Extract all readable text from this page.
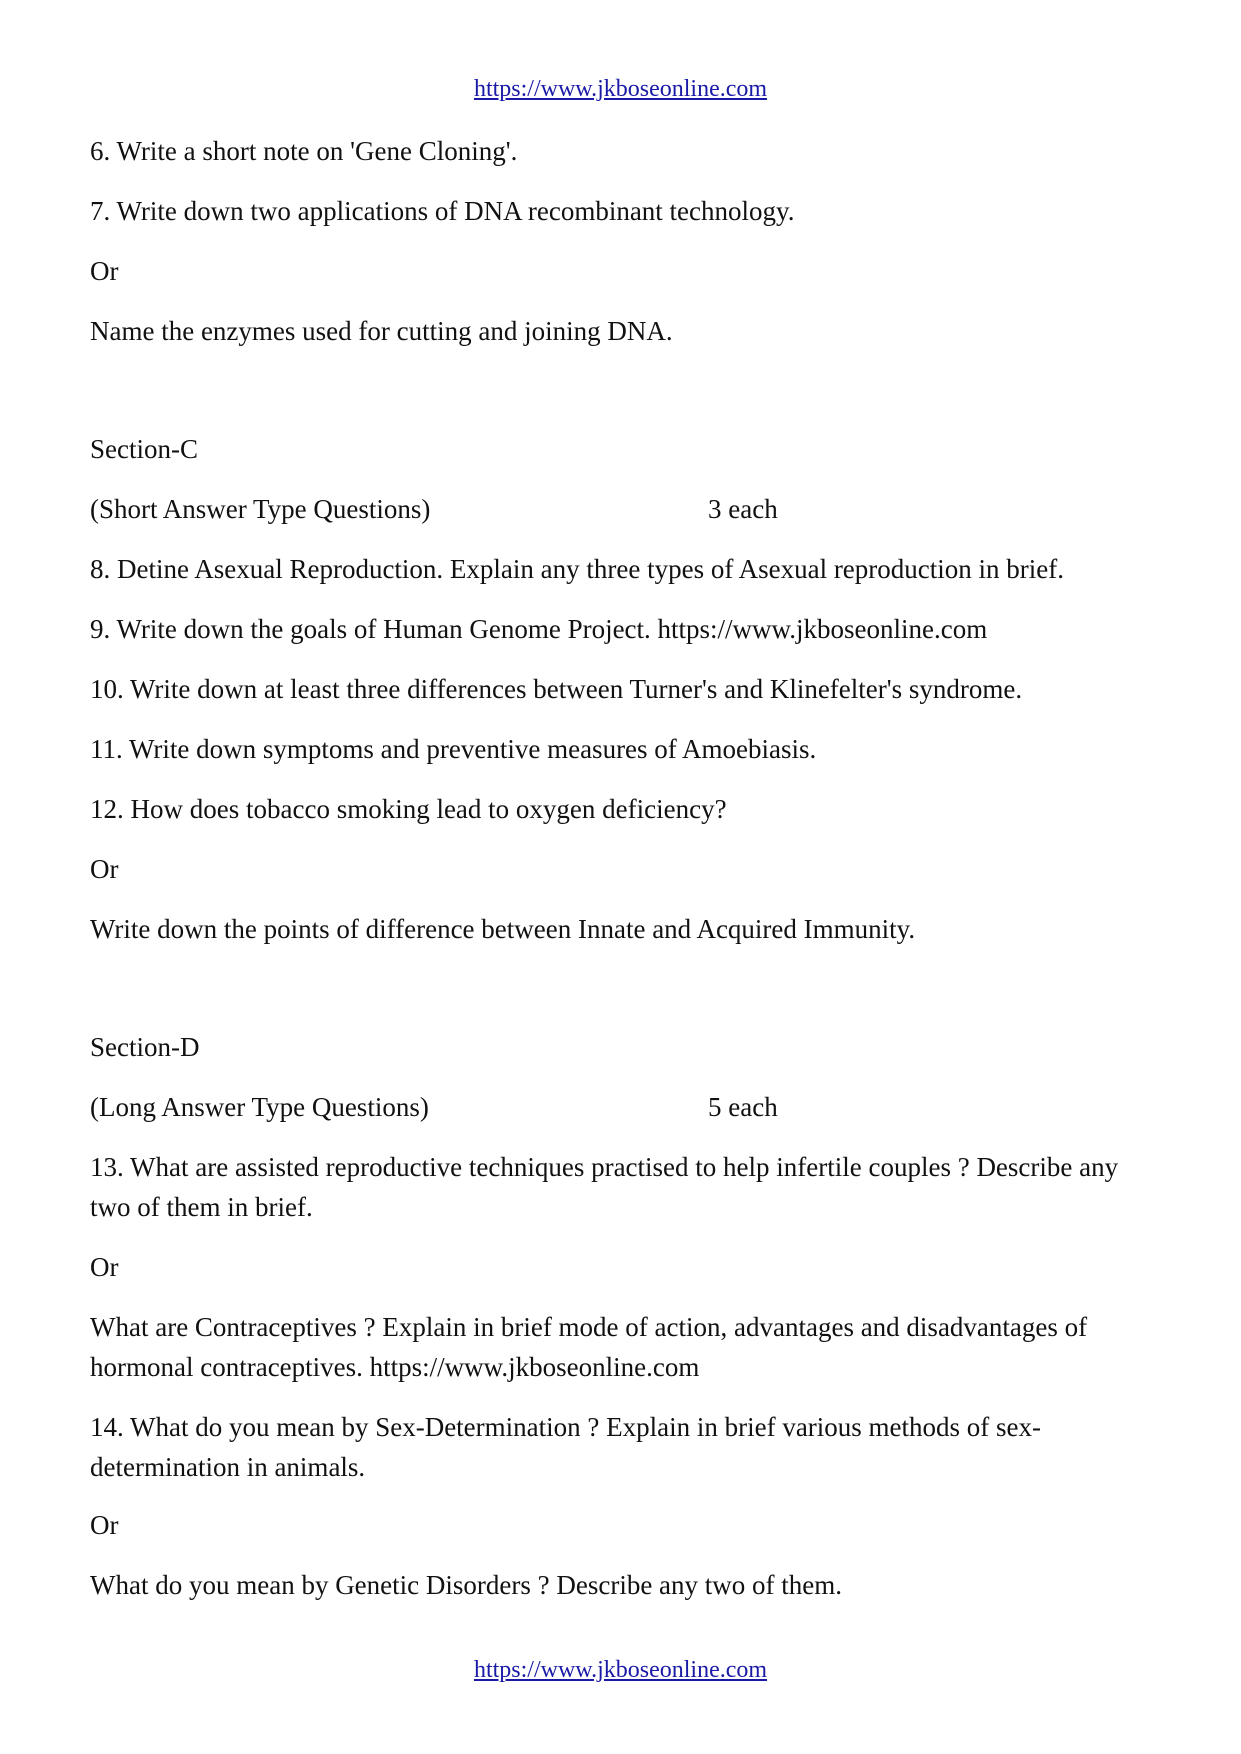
https://www.jkboseonline.com
6. Write a short note on 'Gene Cloning'.
7. Write down two applications of DNA recombinant technology.
Or
Name the enzymes used for cutting and joining DNA.
Section-C
(Short Answer Type Questions)	3 each
8. Detine Asexual Reproduction. Explain any three types of Asexual reproduction in brief.
9. Write down the goals of Human Genome Project. https://www.jkboseonline.com
10. Write down at least three differences between Turner's and Klinefelter's syndrome.
11. Write down symptoms and preventive measures of Amoebiasis.
12. How does tobacco smoking lead to oxygen deficiency?
Or
Write down the points of difference between Innate and Acquired Immunity.
Section-D
(Long Answer Type Questions)	5 each
13. What are assisted reproductive techniques practised to help infertile couples ? Describe any two of them in brief.
Or
What are Contraceptives ? Explain in brief mode of action, advantages and disadvantages of hormonal contraceptives. https://www.jkboseonline.com
14. What do you mean by Sex-Determination ? Explain in brief various methods of sex-determination in animals.
Or
What do you mean by Genetic Disorders ? Describe any two of them.
https://www.jkboseonline.com
